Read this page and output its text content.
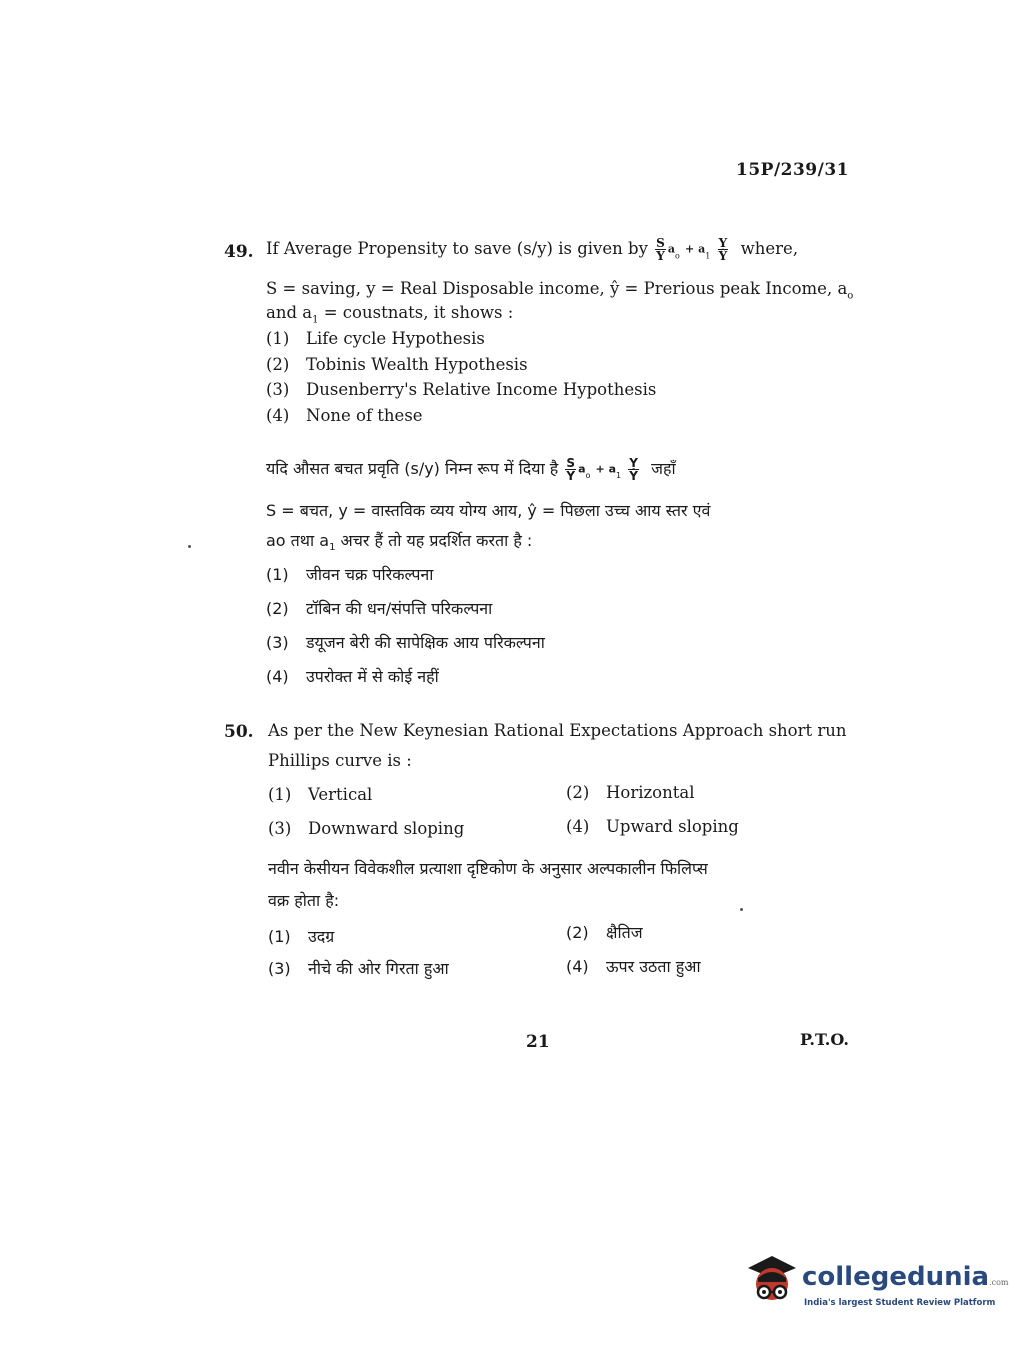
15P/239/31
49. If Average Propensity to save (s/y) is given by $\frac{S}{Y} a_o + a_1 \frac{Y}{Ŷ}$ where,
S = saving, y = Real Disposable income, ŷ = Prerious peak Income, $a_o$
and $a_1$ = coustnats, it shows :
(1) Life cycle Hypothesis
(2) Tobinis Wealth Hypothesis
(3) Dusenberry's Relative Income Hypothesis
(4) None of these
यदि औसत बचत प्रवृति (s/y) निम्न रूप में दिया है $\frac{S}{Y} a_o + a_1 \frac{Y}{Ŷ}$ जहाँ
S = बचत, y = वास्तविक व्यय योग्य आय, ŷ = पिछला उच्च आय स्तर एवं
ao तथा $a_1$ अचर हैं तो यह प्रदर्शित करता है :
(1) जीवन चक्र परिकल्पना
(2) टॉबिन की धन/संपत्ति परिकल्पना
(3) डयूजन बेरी की सापेक्षिक आय परिकल्पना
(4) उपरोक्त में से कोई नहीं
50. As per the New Keynesian Rational Expectations Approach short run
Phillips curve is :
(1) Vertical	(2) Horizontal
(3) Downward sloping	(4) Upward sloping
नवीन केसीयन विवेकशील प्रत्याशा दृष्टिकोण के अनुसार अल्पकालीन फिलिप्स
वक्र होता है:
(1) उदग्र	(2) क्षैतिज
(3) नीचे की ओर गिरता हुआ	(4) ऊपर उठता हुआ
21	P.T.O.
collegedunia.com
India's largest Student Review Platform
